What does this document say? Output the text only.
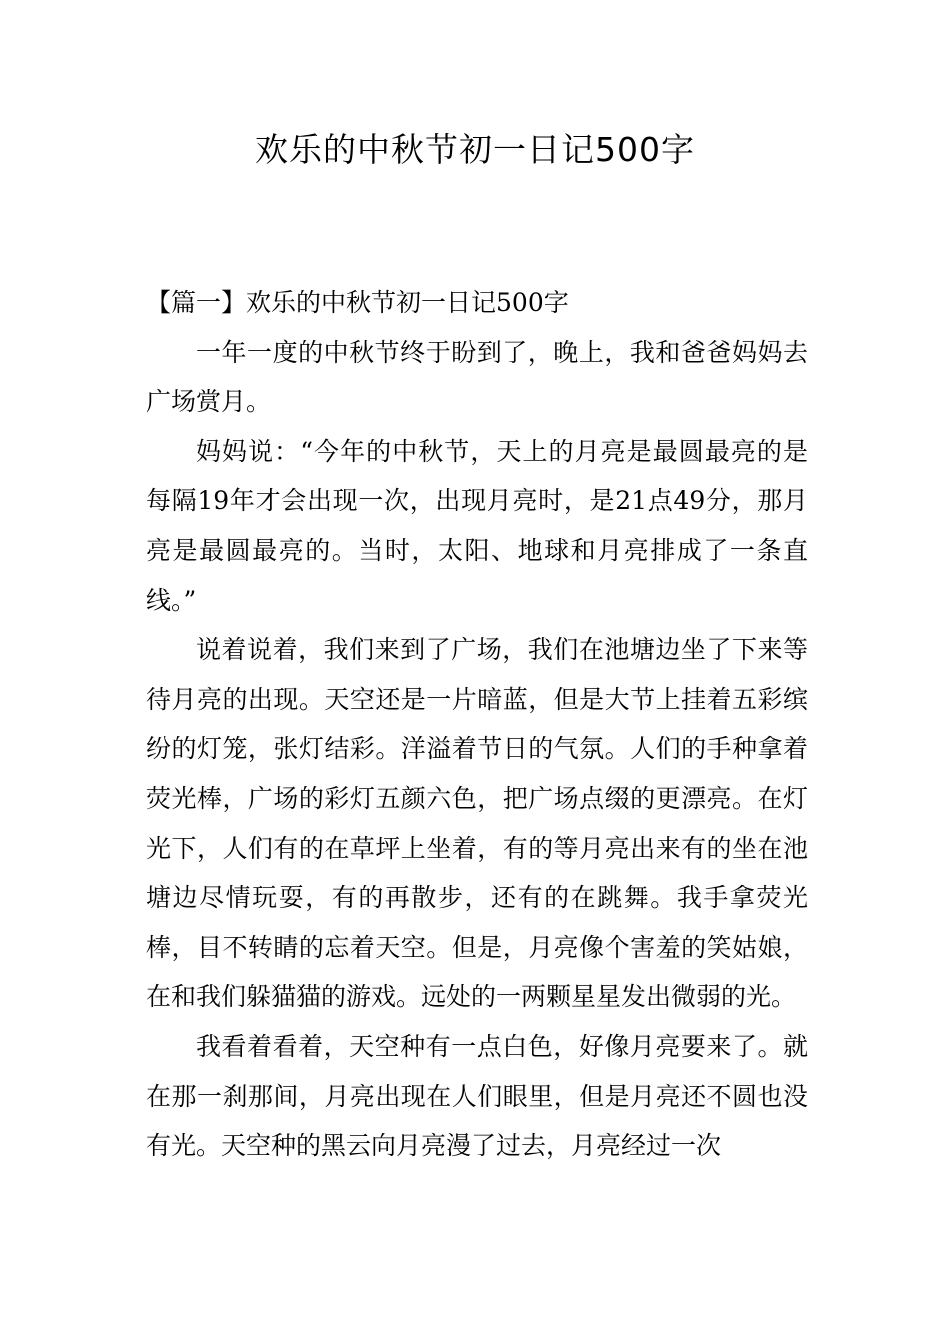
欢乐的中秋节初一日记500字

【篇一】欢乐的中秋节初一日记500字

一年一度的中秋节终于盼到了，晚上，我和爸爸妈妈去广场赏月。

妈妈说：“今年的中秋节，天上的月亮是最圆最亮的是每隔19年才会出现一次，出现月亮时，是21点49分，那月亮是最圆最亮的。当时，太阳、地球和月亮排成了一条直线。”

说着说着，我们来到了广场，我们在池塘边坐了下来等待月亮的出现。天空还是一片暗蓝，但是大节上挂着五彩缤纷的灯笼，张灯结彩。洋溢着节日的气氛。人们的手种拿着荧光棒，广场的彩灯五颜六色，把广场点缀的更漂亮。在灯光下，人们有的在草坪上坐着，有的等月亮出来有的坐在池塘边尽情玩耍，有的再散步，还有的在跳舞。我手拿荧光棒，目不转睛的忘着天空。但是，月亮像个害羞的笑姑娘，在和我们躲猫猫的游戏。远处的一两颗星星发出微弱的光。

我看着看着，天空种有一点白色，好像月亮要来了。就在那一刹那间，月亮出现在人们眼里，但是月亮还不圆也没有光。天空种的黑云向月亮漫了过去，月亮经过一次
